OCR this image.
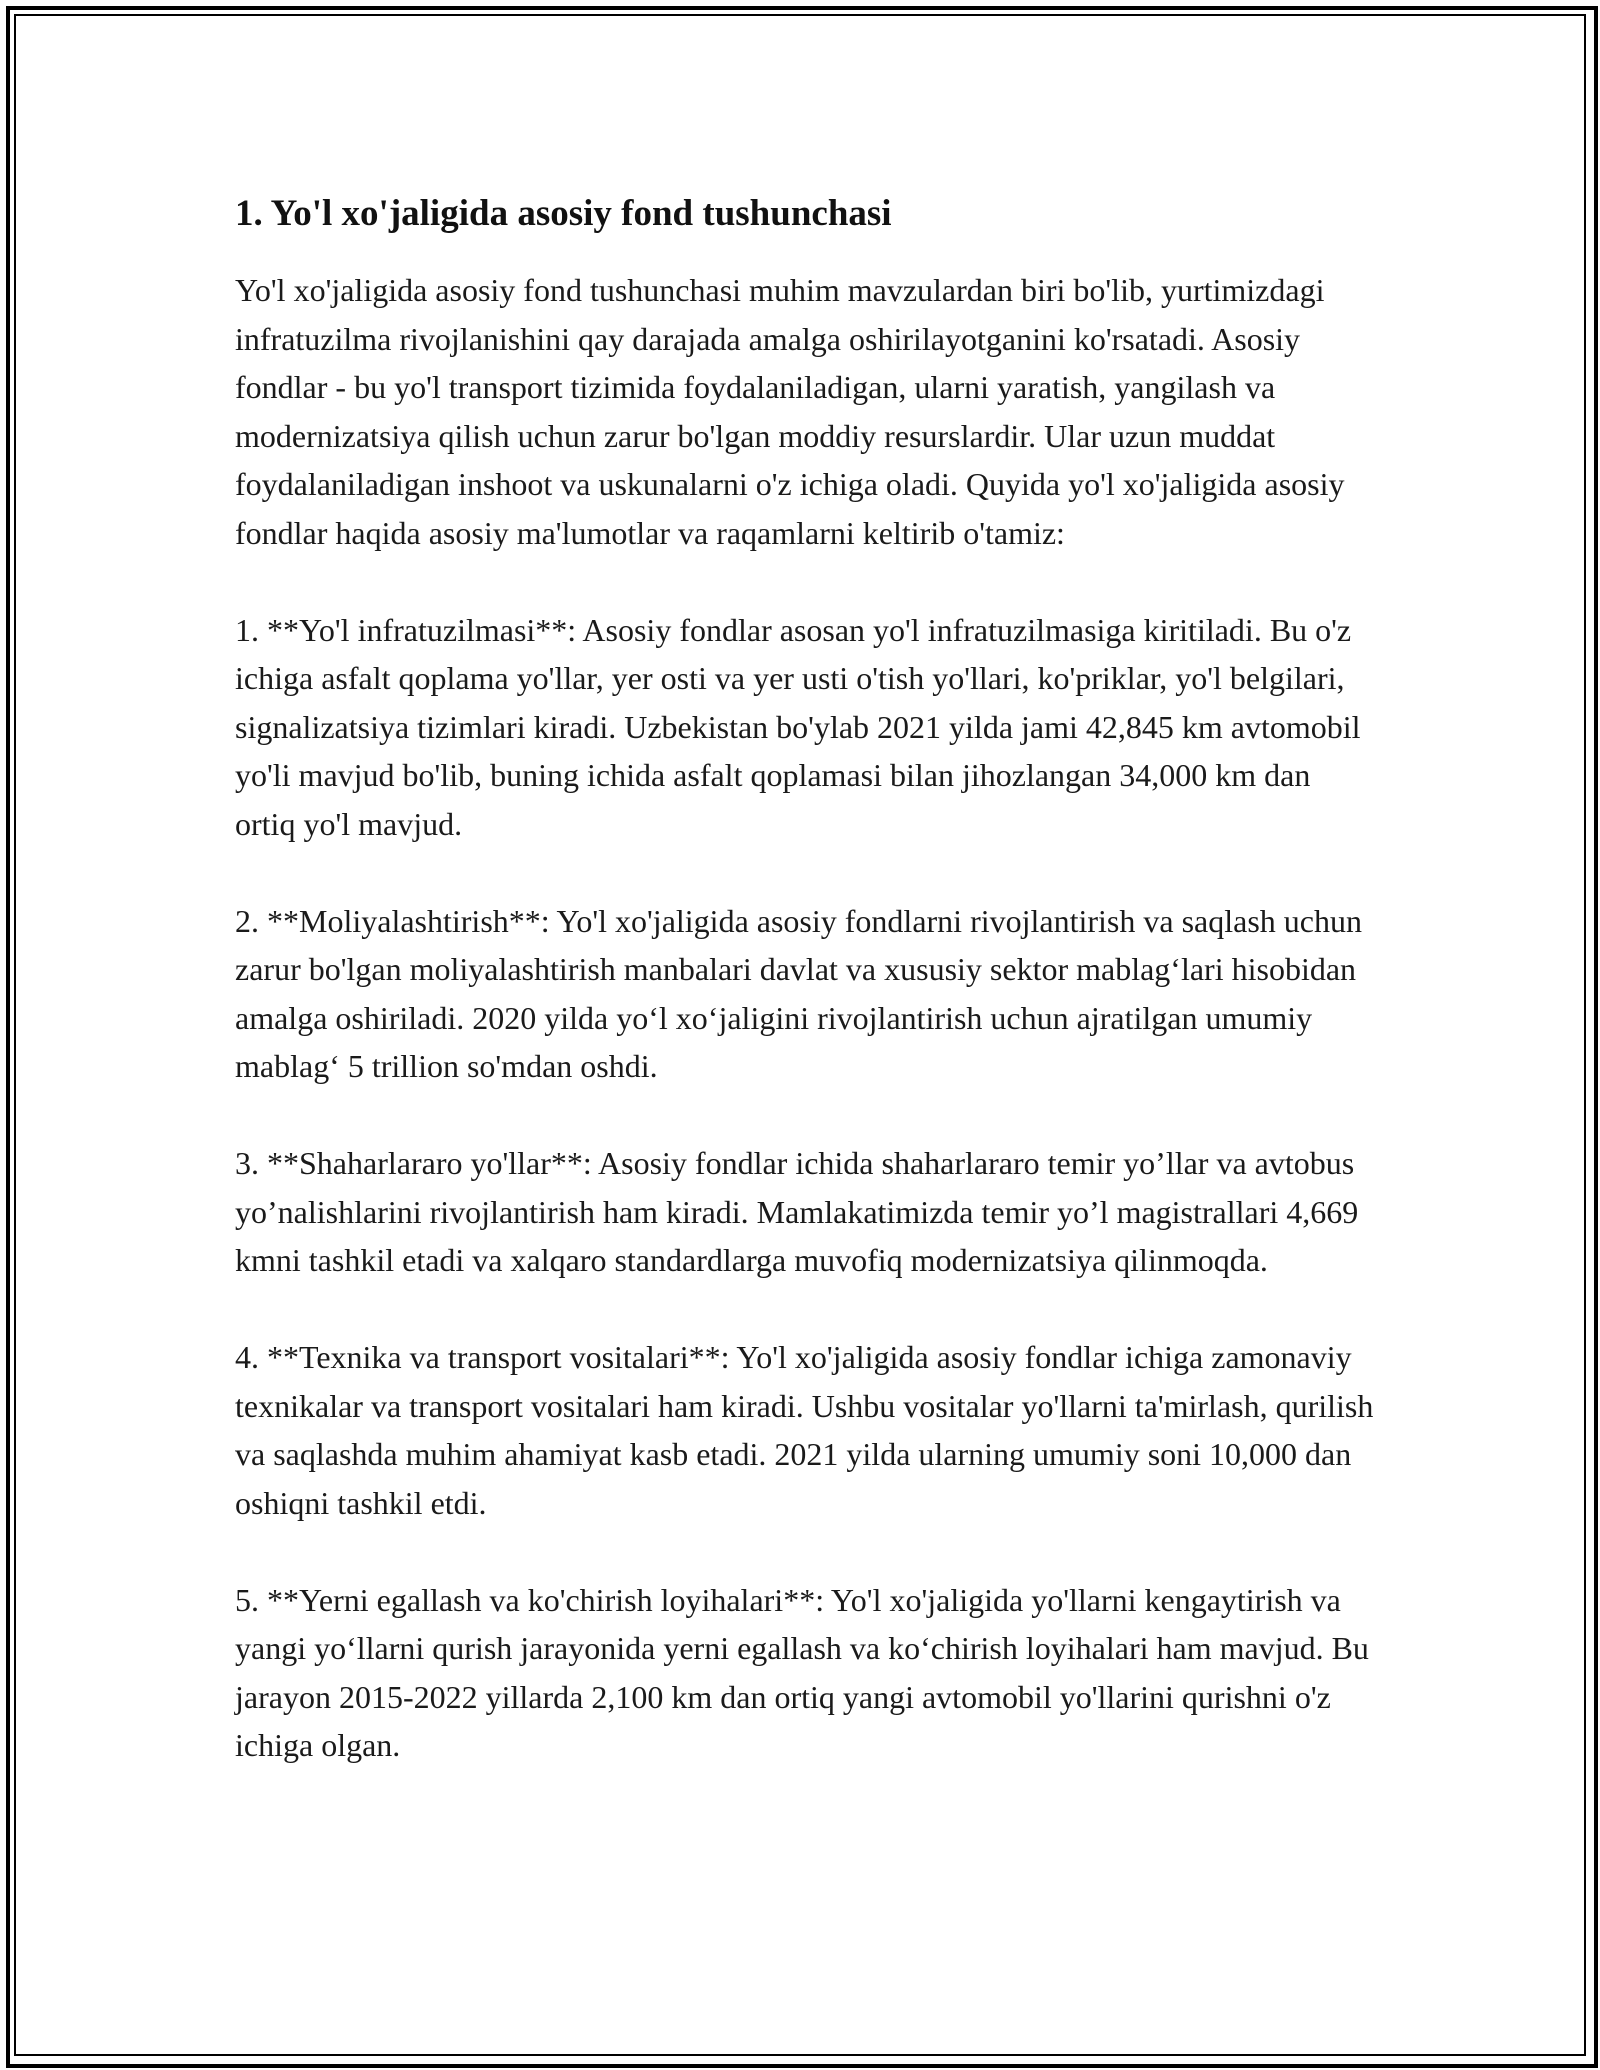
1. Yo'l xo'jaligida asosiy fond tushunchasi

Yo'l xo'jaligida asosiy fond tushunchasi muhim mavzulardan biri bo'lib, yurtimizdagi infratuzilma rivojlanishini qay darajada amalga oshirilayotganini ko'rsatadi. Asosiy fondlar - bu yo'l transport tizimida foydalaniladigan, ularni yaratish, yangilash va modernizatsiya qilish uchun zarur bo'lgan moddiy resurslardir. Ular uzun muddat foydalaniladigan inshoot va uskunalarni o'z ichiga oladi. Quyida yo'l xo'jaligida asosiy fondlar haqida asosiy ma'lumotlar va raqamlarni keltirib o'tamiz:

1. **Yo'l infratuzilmasi**: Asosiy fondlar asosan yo'l infratuzilmasiga kiritiladi. Bu o'z ichiga asfalt qoplama yo'llar, yer osti va yer usti o'tish yo'llari, ko'priklar, yo'l belgilari, signalizatsiya tizimlari kiradi. Uzbekistan bo'ylab 2021 yilda jami 42,845 km avtomobil yo'li mavjud bo'lib, buning ichida asfalt qoplamasi bilan jihozlangan 34,000 km dan ortiq yo'l mavjud.

2. **Moliyalashtirish**: Yo'l xo'jaligida asosiy fondlarni rivojlantirish va saqlash uchun zarur bo'lgan moliyalashtirish manbalari davlat va xususiy sektor mablag‘lari hisobidan amalga oshiriladi. 2020 yilda yo‘l xo‘jaligini rivojlantirish uchun ajratilgan umumiy mablag‘ 5 trillion so'mdan oshdi.

3. **Shaharlararo yo'llar**: Asosiy fondlar ichida shaharlararo temir yo’llar va avtobus yo’nalishlarini rivojlantirish ham kiradi. Mamlakatimizda temir yo’l magistrallari 4,669 kmni tashkil etadi va xalqaro standardlarga muvofiq modernizatsiya qilinmoqda.

4. **Texnika va transport vositalari**: Yo'l xo'jaligida asosiy fondlar ichiga zamonaviy texnikalar va transport vositalari ham kiradi. Ushbu vositalar yo'llarni ta'mirlash, qurilish va saqlashda muhim ahamiyat kasb etadi. 2021 yilda ularning umumiy soni 10,000 dan oshiqni tashkil etdi.

5. **Yerni egallash va ko'chirish loyihalari**: Yo'l xo'jaligida yo'llarni kengaytirish va yangi yo‘llarni qurish jarayonida yerni egallash va ko‘chirish loyihalari ham mavjud. Bu jarayon 2015-2022 yillarda 2,100 km dan ortiq yangi avtomobil yo'llarini qurishni o'z ichiga olgan.
